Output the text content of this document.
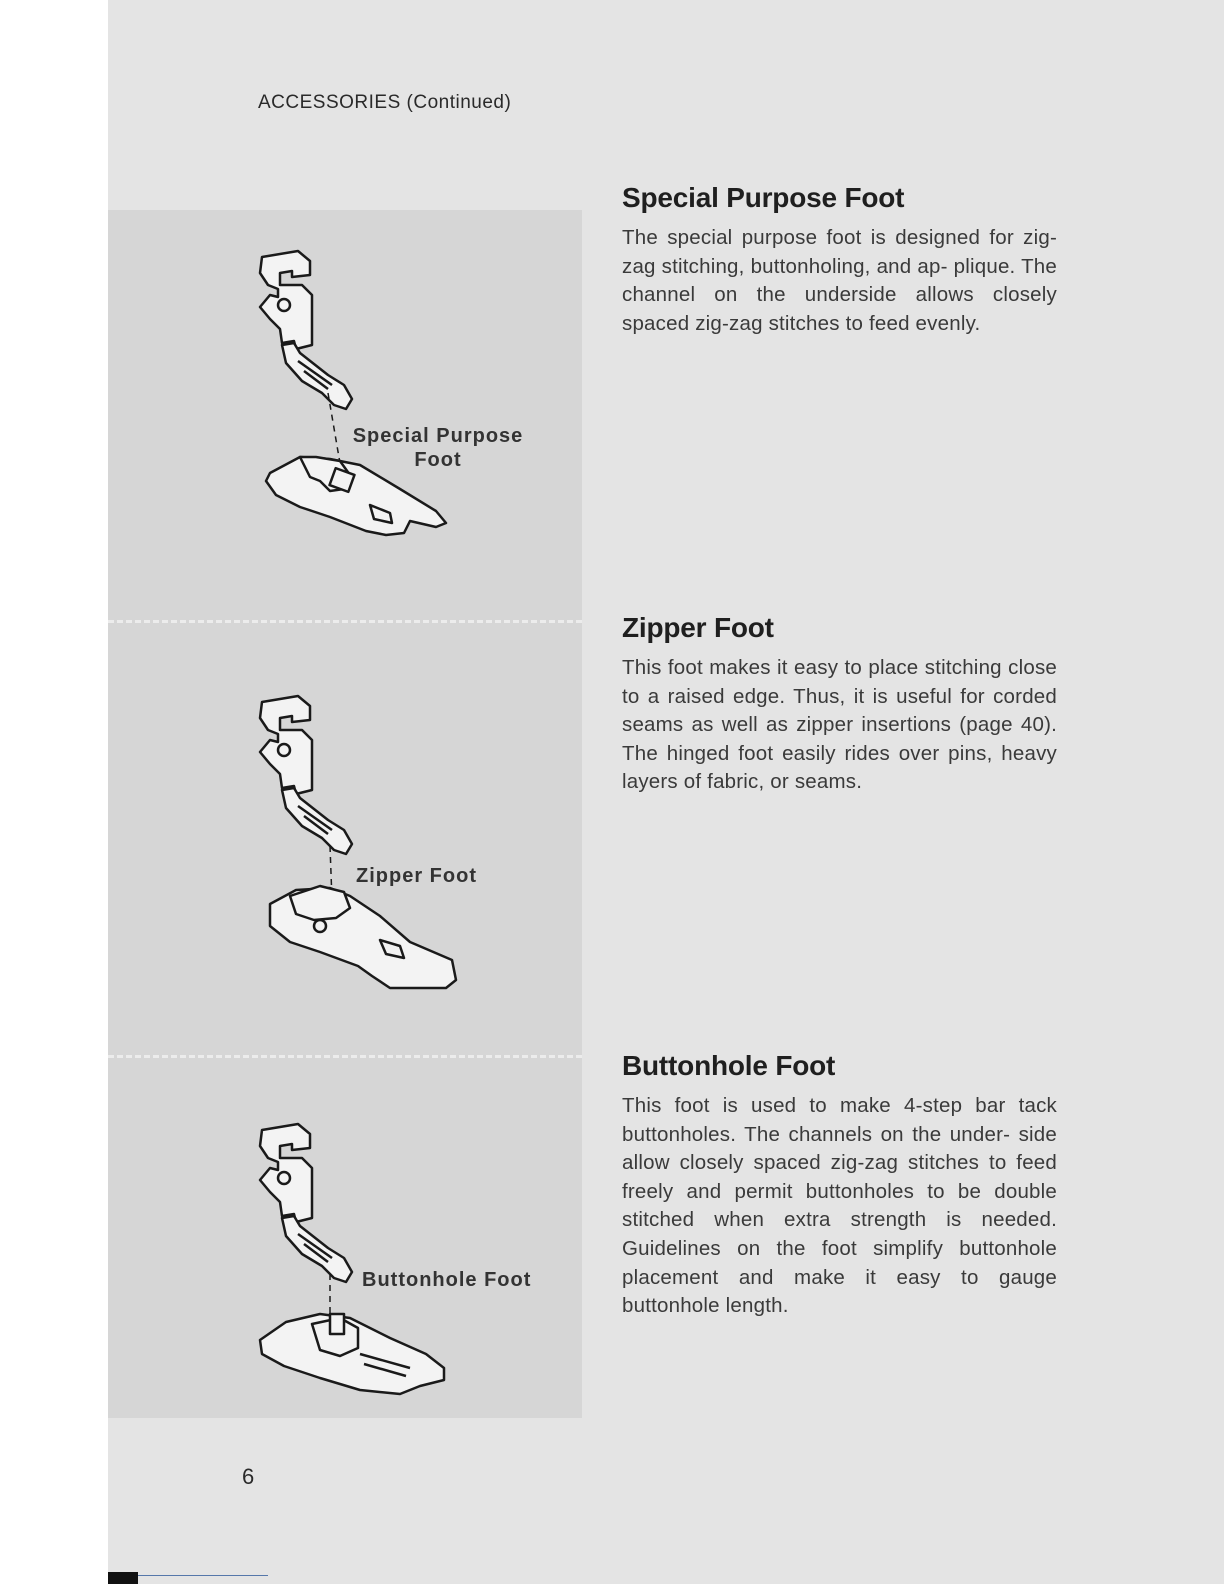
ACCESSORIES (Continued)
Special Purpose Foot

The special purpose foot is designed for zig-zag stitching, buttonholing, and ap- plique. The channel on the underside allows closely spaced zig-zag stitches to feed evenly.

Zipper Foot

This foot makes it easy to place stitching close to a raised edge. Thus, it is useful for corded seams as well as zipper insertions (page 40). The hinged foot easily rides over pins, heavy layers of fabric, or seams.

Buttonhole Foot

This foot is used to make 4-step bar tack buttonholes. The channels on the under- side allow closely spaced zig-zag stitches to feed freely and permit buttonholes to be double stitched when extra strength is needed. Guidelines on the foot simplify buttonhole placement and make it easy to gauge buttonhole length.

Special Purpose
Foot
Zipper Foot
Buttonhole Foot
6
